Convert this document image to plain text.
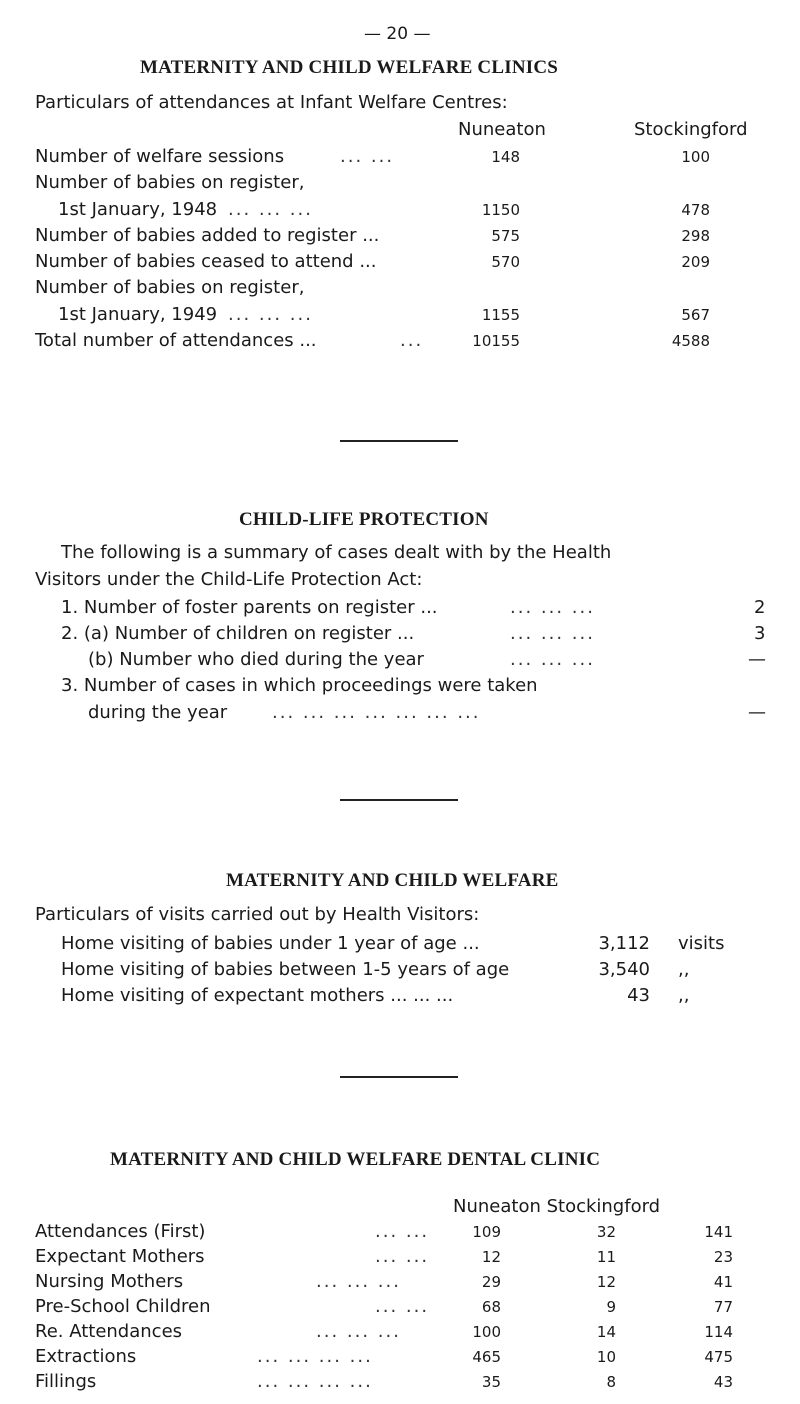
— 20 —
MATERNITY AND CHILD WELFARE CLINICS
Particulars of attendances at Infant Welfare Centres:
Nuneaton	Stockingford
Number of welfare sessions	... ...	148	100
Number of babies on register,
1st January, 1948 ... ... ...	1150	478
Number of babies added to register ...	575	298
Number of babies ceased to attend ...	570	209
Number of babies on register,
1st January, 1949 ... ... ...	1155	567
Total number of attendances ...	...	10155	4588
CHILD-LIFE PROTECTION
The following is a summary of cases dealt with by the Health
Visitors under the Child-Life Protection Act:
1. Number of foster parents on register ...	... ... ...	2
2. (a) Number of children on register ...	... ... ...	3
(b) Number who died during the year	... ... ...	—
3. Number of cases in which proceedings were taken
during the year ... ... ... ... ... ... ...	—
MATERNITY AND CHILD WELFARE
Particulars of visits carried out by Health Visitors:
Home visiting of babies under 1 year of age ...	3,112 visits
Home visiting of babies between 1-5 years of age	3,540 ,,
Home visiting of expectant mothers ... ... ...	43 ,,
MATERNITY AND CHILD WELFARE DENTAL CLINIC
Nuneaton Stockingford
Attendances (First)	... ...	109	32	141
Expectant Mothers	... ...	12	11	23
Nursing Mothers	... ... ...	29	12	41
Pre-School Children	... ...	68	9	77
Re. Attendances	... ... ...	100	14	114
Extractions	... ... ... ...	465	10	475
Fillings	... ... ... ...	35	8	43
